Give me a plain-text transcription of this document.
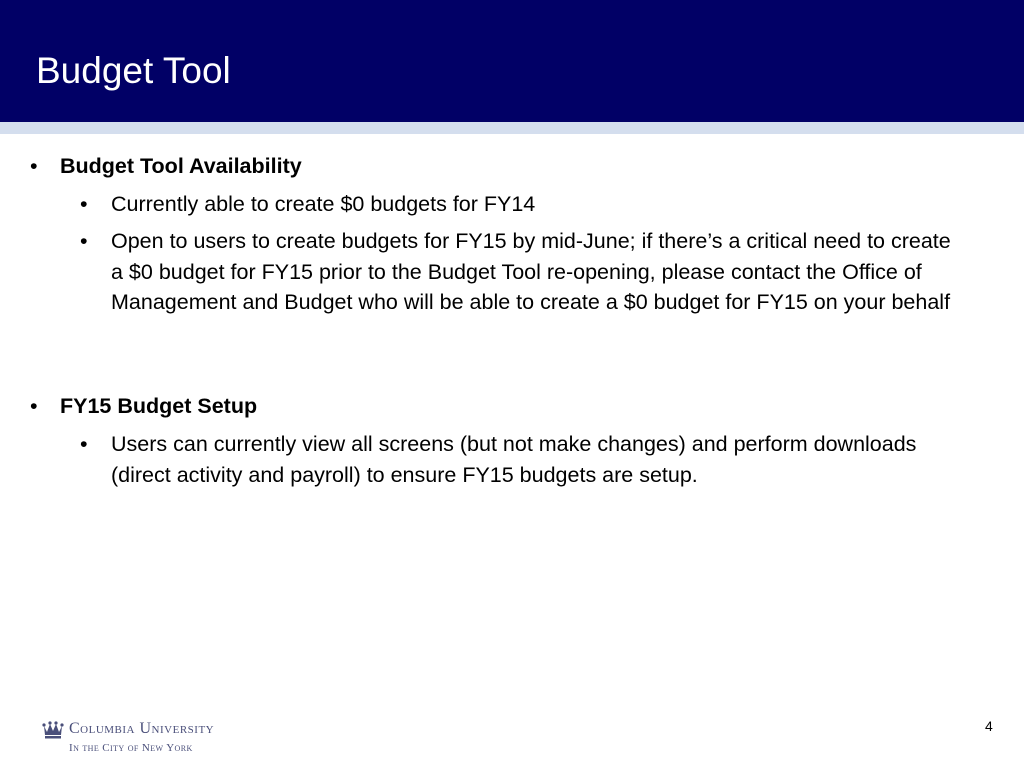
Budget Tool
• Budget Tool Availability
• Currently able to create $0 budgets for FY14
• Open to users to create budgets for FY15 by mid-June; if there’s a critical need to create a $0 budget for FY15 prior to the Budget Tool re-opening, please contact the Office of Management and Budget who will be able to create a $0 budget for FY15 on your behalf
• FY15 Budget Setup
• Users can currently view all screens (but not make changes) and perform downloads (direct activity and payroll) to ensure FY15 budgets are setup.
Columbia University
In the City of New York
4
